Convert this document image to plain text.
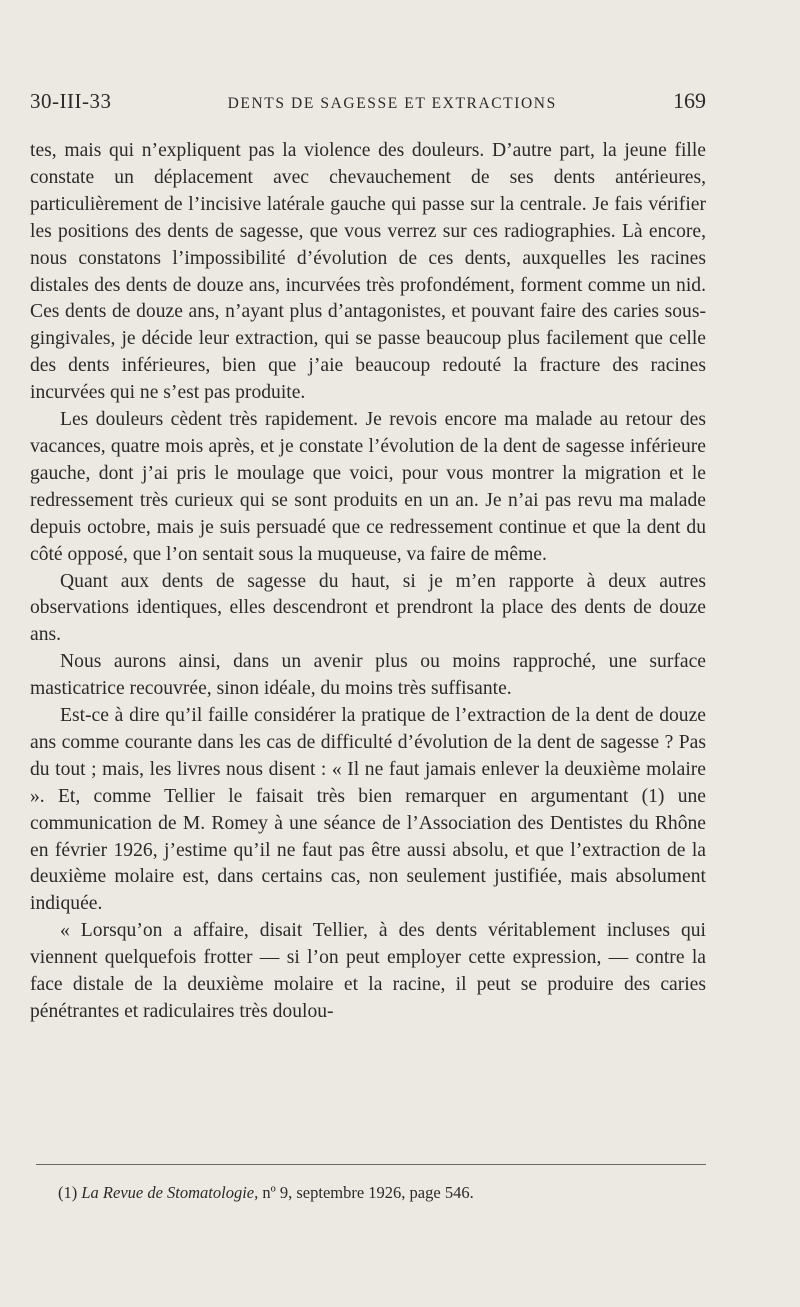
30-III-33	DENTS DE SAGESSE ET EXTRACTIONS	169

tes, mais qui n’expliquent pas la violence des douleurs. D’autre part, la jeune fille constate un déplacement avec chevauchement de ses dents antérieures, particulièrement de l’incisive latérale gauche qui passe sur la centrale. Je fais vérifier les positions des dents de sagesse, que vous verrez sur ces radiographies. Là encore, nous constatons l’impossibilité d’évolution de ces dents, auxquelles les racines distales des dents de douze ans, incurvées très profondément, forment comme un nid. Ces dents de douze ans, n’ayant plus d’antagonistes, et pouvant faire des caries sous-gingivales, je décide leur extraction, qui se passe beaucoup plus facilement que celle des dents inférieures, bien que j’aie beaucoup redouté la fracture des racines incurvées qui ne s’est pas produite.

Les douleurs cèdent très rapidement. Je revois encore ma malade au retour des vacances, quatre mois après, et je constate l’évolution de la dent de sagesse inférieure gauche, dont j’ai pris le moulage que voici, pour vous montrer la migration et le redressement très curieux qui se sont produits en un an. Je n’ai pas revu ma malade depuis octobre, mais je suis persuadé que ce redressement continue et que la dent du côté opposé, que l’on sentait sous la muqueuse, va faire de même.

Quant aux dents de sagesse du haut, si je m’en rapporte à deux autres observations identiques, elles descendront et prendront la place des dents de douze ans.

Nous aurons ainsi, dans un avenir plus ou moins rapproché, une surface masticatrice recouvrée, sinon idéale, du moins très suffisante.

Est-ce à dire qu’il faille considérer la pratique de l’extraction de la dent de douze ans comme courante dans les cas de difficulté d’évolution de la dent de sagesse ? Pas du tout ; mais, les livres nous disent : « Il ne faut jamais enlever la deuxième molaire ». Et, comme Tellier le faisait très bien remarquer en argumentant (1) une communication de M. Romey à une séance de l’Association des Dentistes du Rhône en février 1926, j’estime qu’il ne faut pas être aussi absolu, et que l’extraction de la deuxième molaire est, dans certains cas, non seulement justifiée, mais absolument indiquée.

« Lorsqu’on a affaire, disait Tellier, à des dents véritablement incluses qui viennent quelquefois frotter — si l’on peut employer cette expression, — contre la face distale de la deuxième molaire et la racine, il peut se produire des caries pénétrantes et radiculaires très doulou-

(1) La Revue de Stomatologie, nº 9, septembre 1926, page 546.
